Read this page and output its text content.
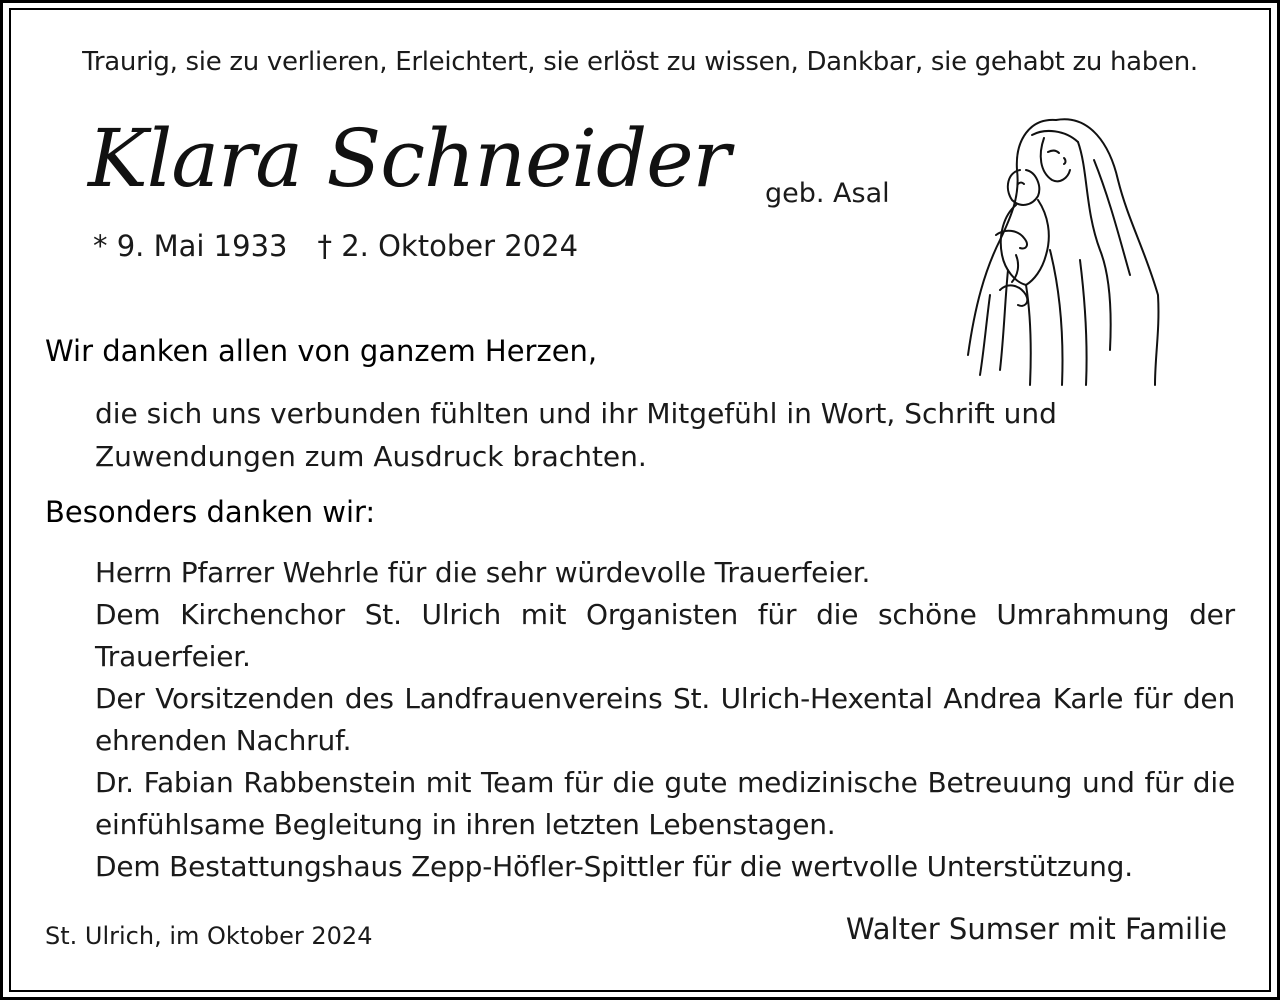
Traurig, sie zu verlieren, Erleichtert, sie erlöst zu wissen, Dankbar, sie gehabt zu haben.
Klara Schneider geb. Asal
* 9. Mai 1933 † 2. Oktober 2024
Wir danken allen von ganzem Herzen,
die sich uns verbunden fühlten und ihr Mitgefühl in Wort, Schrift und Zuwendungen zum Ausdruck brachten.
Besonders danken wir:

Herrn Pfarrer Wehrle für die sehr würdevolle Trauerfeier.

Dem Kirchenchor St. Ulrich mit Organisten für die schöne Umrahmung der Trauerfeier.

Der Vorsitzenden des Landfrauenvereins St. Ulrich-Hexental Andrea Karle für den ehrenden Nachruf.

Dr. Fabian Rabbenstein mit Team für die gute medizinische Betreuung und für die einfühlsame Begleitung in ihren letzten Lebenstagen.

Dem Bestattungshaus Zepp-Höfler-Spittler für die wertvolle Unterstützung.

St. Ulrich, im Oktober 2024	Walter Sumser mit Familie
